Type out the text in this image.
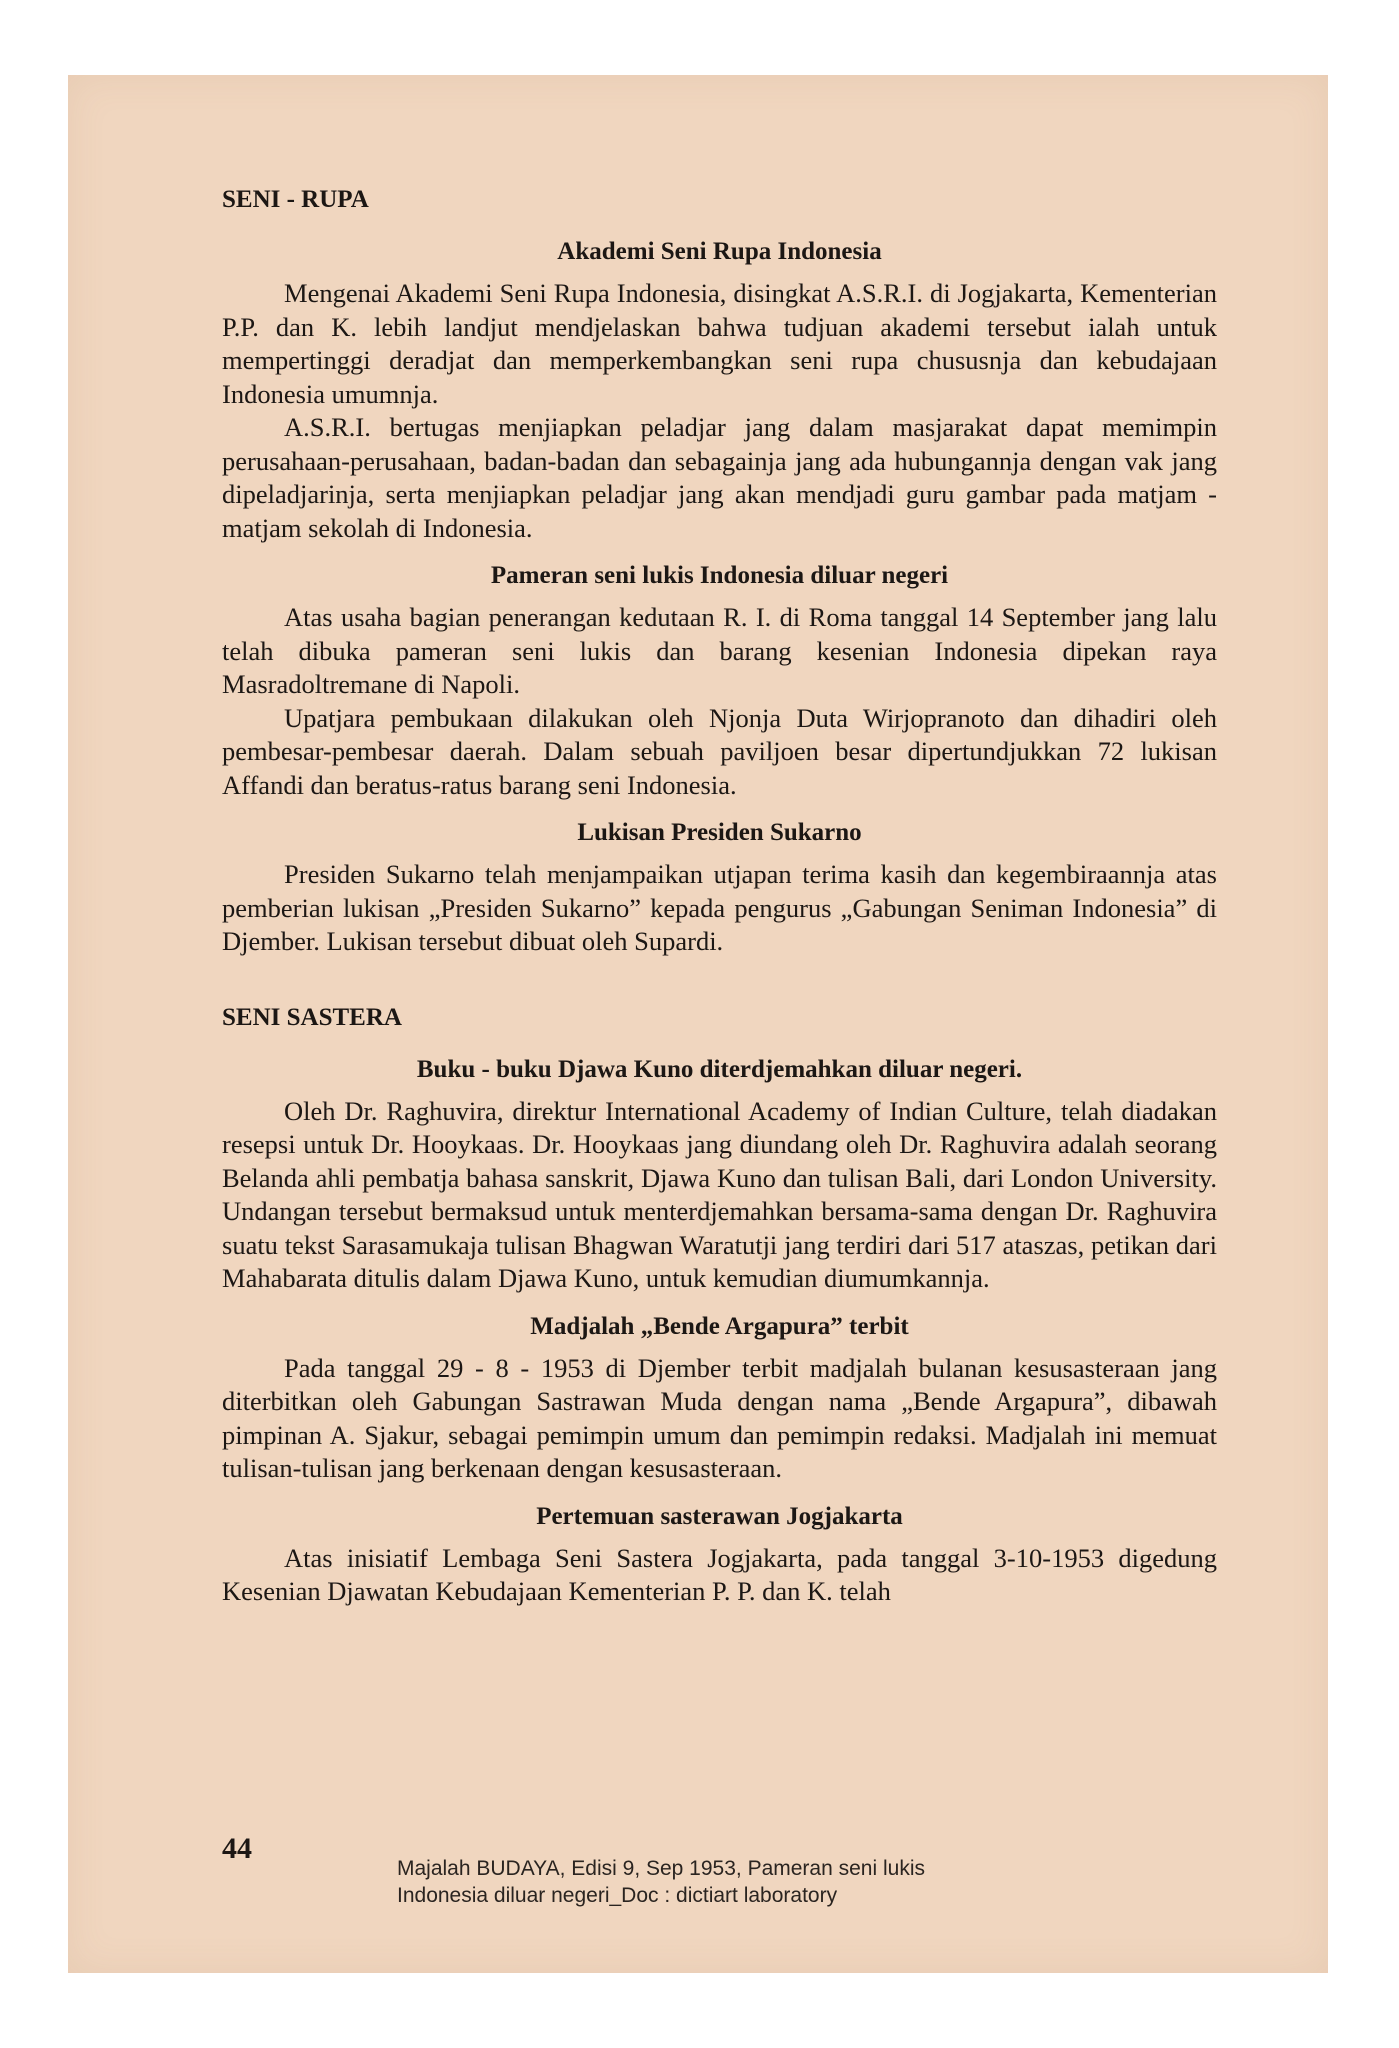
SENI - RUPA
Akademi Seni Rupa Indonesia

Mengenai Akademi Seni Rupa Indonesia, disingkat A.S.R.I. di Jogjakarta, Kementerian P.P. dan K. lebih landjut mendjelaskan bahwa tudjuan akademi tersebut ialah untuk mempertinggi deradjat dan memperkembangkan seni rupa chususnja dan kebudajaan Indonesia umumnja.

A.S.R.I. bertugas menjiapkan peladjar jang dalam masjarakat dapat memimpin perusahaan-perusahaan, badan-badan dan sebagainja jang ada hubungannja dengan vak jang dipeladjarinja, serta menjiapkan peladjar jang akan mendjadi guru gambar pada matjam - matjam sekolah di Indonesia.

Pameran seni lukis Indonesia diluar negeri

Atas usaha bagian penerangan kedutaan R. I. di Roma tanggal 14 September jang lalu telah dibuka pameran seni lukis dan barang kesenian Indonesia dipekan raya Masradoltremane di Napoli.

Upatjara pembukaan dilakukan oleh Njonja Duta Wirjopranoto dan dihadiri oleh pembesar-pembesar daerah. Dalam sebuah paviljoen besar dipertundjukkan 72 lukisan Affandi dan beratus-ratus barang seni Indonesia.

Lukisan Presiden Sukarno

Presiden Sukarno telah menjampaikan utjapan terima kasih dan kegembiraannja atas pemberian lukisan „Presiden Sukarno” kepada pengurus „Gabungan Seniman Indonesia” di Djember. Lukisan tersebut dibuat oleh Supardi.

SENI SASTERA
Buku - buku Djawa Kuno diterdjemahkan diluar negeri.

Oleh Dr. Raghuvira, direktur International Academy of Indian Culture, telah diadakan resepsi untuk Dr. Hooykaas. Dr. Hooykaas jang diundang oleh Dr. Raghuvira adalah seorang Belanda ahli pembatja bahasa sanskrit, Djawa Kuno dan tulisan Bali, dari London University. Undangan tersebut bermaksud untuk menterdjemahkan bersama-sama dengan Dr. Raghuvira suatu tekst Sarasamukaja tulisan Bhagwan Waratutji jang terdiri dari 517 ataszas, petikan dari Mahabarata ditulis dalam Djawa Kuno, untuk kemudian diumumkannja.

Madjalah „Bende Argapura” terbit

Pada tanggal 29 - 8 - 1953 di Djember terbit madjalah bulanan kesusasteraan jang diterbitkan oleh Gabungan Sastrawan Muda dengan nama „Bende Argapura”, dibawah pimpinan A. Sjakur, sebagai pemimpin umum dan pemimpin redaksi. Madjalah ini memuat tulisan-tulisan jang berkenaan dengan kesusasteraan.

Pertemuan sasterawan Jogjakarta

Atas inisiatif Lembaga Seni Sastera Jogjakarta, pada tanggal 3-10-1953 digedung Kesenian Djawatan Kebudajaan Kementerian P. P. dan K. telah

44
Majalah BUDAYA, Edisi 9, Sep 1953, Pameran seni lukis
Indonesia diluar negeri_Doc : dictiart laboratory
